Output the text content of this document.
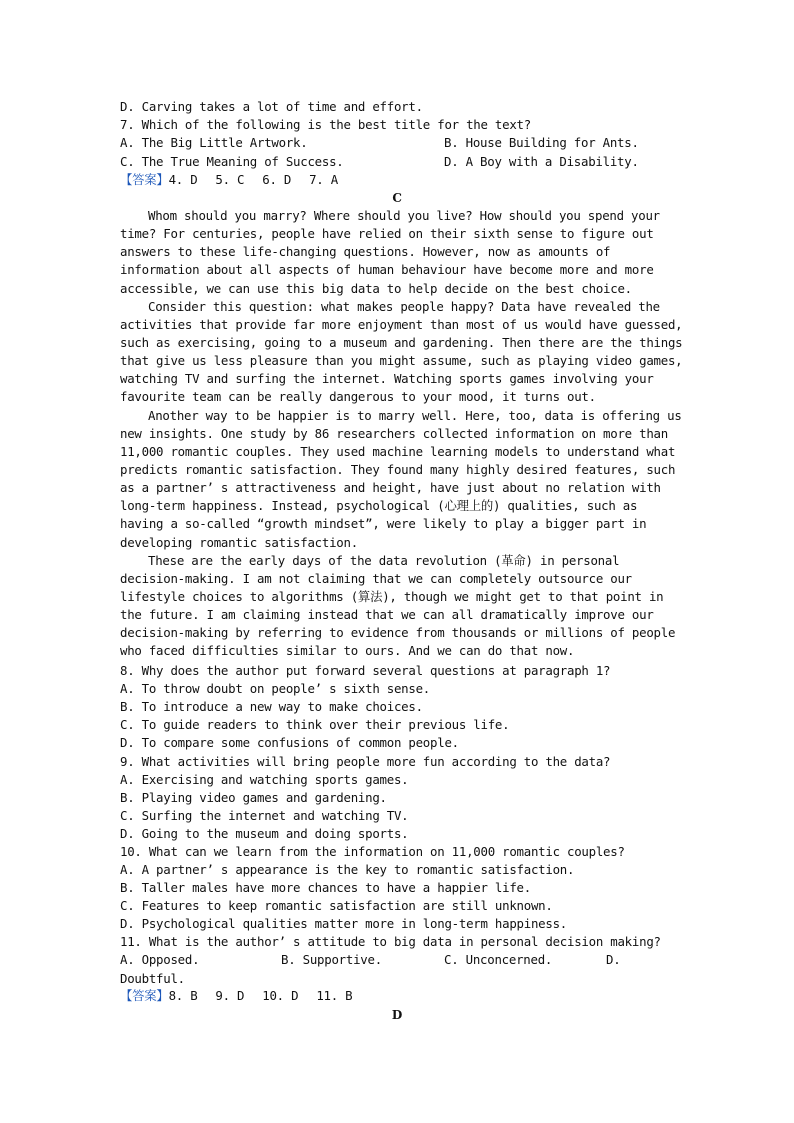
D. Carving takes a lot of time and effort.
7. Which of the following is the best title for the text?
A. The Big Little Artwork.	B. House Building for Ants.
C. The True Meaning of Success.	D. A Boy with a Disability.
【答案】4. D 5. C 6. D 7. A
C
Whom should you marry? Where should you live? How should you spend your
time? For centuries, people have relied on their sixth sense to figure out
answers to these life-changing questions. However, now as amounts of
information about all aspects of human behaviour have become more and more
accessible, we can use this big data to help decide on the best choice.
Consider this question: what makes people happy? Data have revealed the
activities that provide far more enjoyment than most of us would have guessed,
such as exercising, going to a museum and gardening. Then there are the things
that give us less pleasure than you might assume, such as playing video games,
watching TV and surfing the internet. Watching sports games involving your
favourite team can be really dangerous to your mood, it turns out.
Another way to be happier is to marry well. Here, too, data is offering us
new insights. One study by 86 researchers collected information on more than
11,000 romantic couples. They used machine learning models to understand what
predicts romantic satisfaction. They found many highly desired features, such
as a partner’ s attractiveness and height, have just about no relation with
long-term happiness. Instead, psychological (心理上的) qualities, such as
having a so-called “growth mindset”, were likely to play a bigger part in
developing romantic satisfaction.
These are the early days of the data revolution (革命) in personal
decision-making. I am not claiming that we can completely outsource our
lifestyle choices to algorithms (算法), though we might get to that point in
the future. I am claiming instead that we can all dramatically improve our
decision-making by referring to evidence from thousands or millions of people
who faced difficulties similar to ours. And we can do that now.
8. Why does the author put forward several questions at paragraph 1?
A. To throw doubt on people’ s sixth sense.
B. To introduce a new way to make choices.
C. To guide readers to think over their previous life.
D. To compare some confusions of common people.
9. What activities will bring people more fun according to the data?
A. Exercising and watching sports games.
B. Playing video games and gardening.
C. Surfing the internet and watching TV.
D. Going to the museum and doing sports.
10. What can we learn from the information on 11,000 romantic couples?
A. A partner’ s appearance is the key to romantic satisfaction.
B. Taller males have more chances to have a happier life.
C. Features to keep romantic satisfaction are still unknown.
D. Psychological qualities matter more in long-term happiness.
11. What is the author’ s attitude to big data in personal decision making?
A. Opposed.	B. Supportive.	C. Unconcerned.	D.
Doubtful.
【答案】8. B 9. D 10. D 11. B
D
